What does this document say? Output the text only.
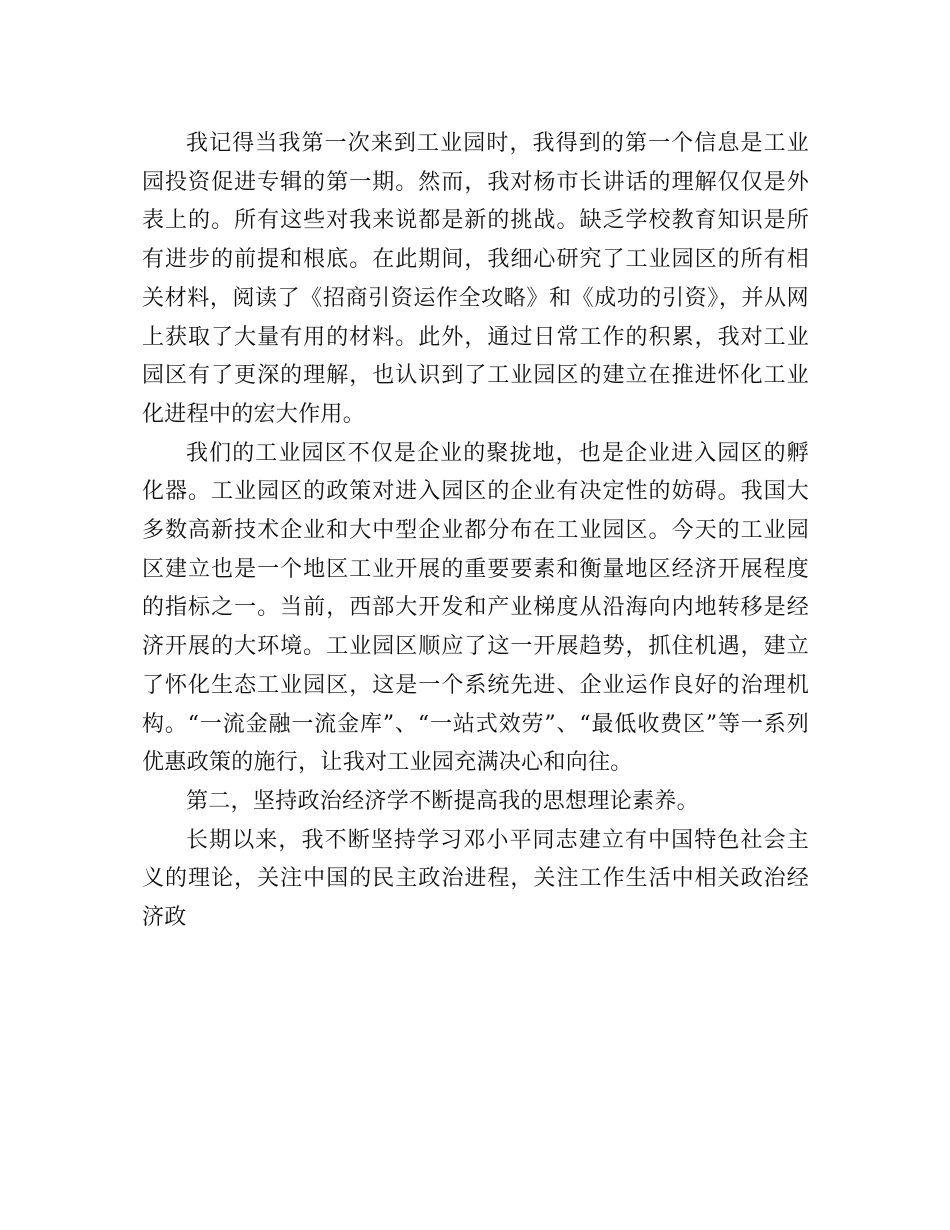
我记得当我第一次来到工业园时，我得到的第一个信息是工业园投资促进专辑的第一期。然而，我对杨市长讲话的理解仅仅是外表上的。所有这些对我来说都是新的挑战。缺乏学校教育知识是所有进步的前提和根底。在此期间，我细心研究了工业园区的所有相关材料，阅读了《招商引资运作全攻略》和《成功的引资》，并从网上获取了大量有用的材料。此外，通过日常工作的积累，我对工业园区有了更深的理解，也认识到了工业园区的建立在推进怀化工业化进程中的宏大作用。

我们的工业园区不仅是企业的聚拢地，也是企业进入园区的孵化器。工业园区的政策对进入园区的企业有决定性的妨碍。我国大多数高新技术企业和大中型企业都分布在工业园区。今天的工业园区建立也是一个地区工业开展的重要要素和衡量地区经济开展程度的指标之一。当前，西部大开发和产业梯度从沿海向内地转移是经济开展的大环境。工业园区顺应了这一开展趋势，抓住机遇，建立了怀化生态工业园区，这是一个系统先进、企业运作良好的治理机构。“一流金融一流金库”、“一站式效劳”、“最低收费区”等一系列优惠政策的施行，让我对工业园充满决心和向往。

第二，坚持政治经济学不断提高我的思想理论素养。

长期以来，我不断坚持学习邓小平同志建立有中国特色社会主义的理论，关注中国的民主政治进程，关注工作生活中相关政治经济政
